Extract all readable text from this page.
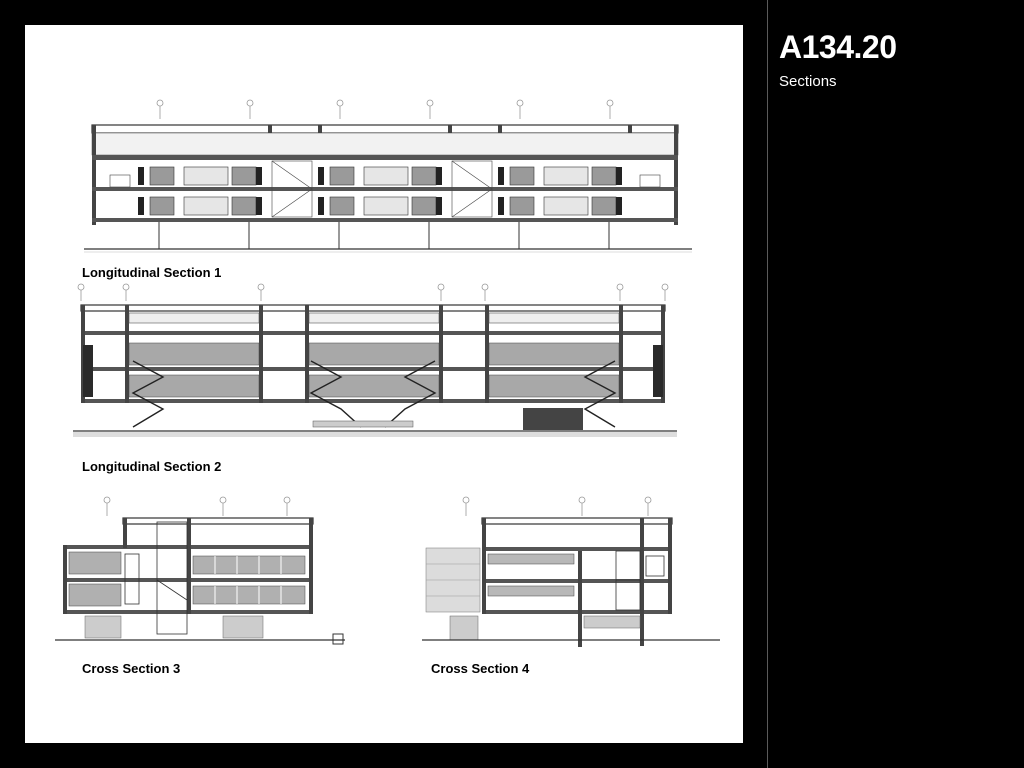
Longitudinal Section 1
Longitudinal Section 2
Cross Section 3	Cross Section 4
A134.20
Sections
